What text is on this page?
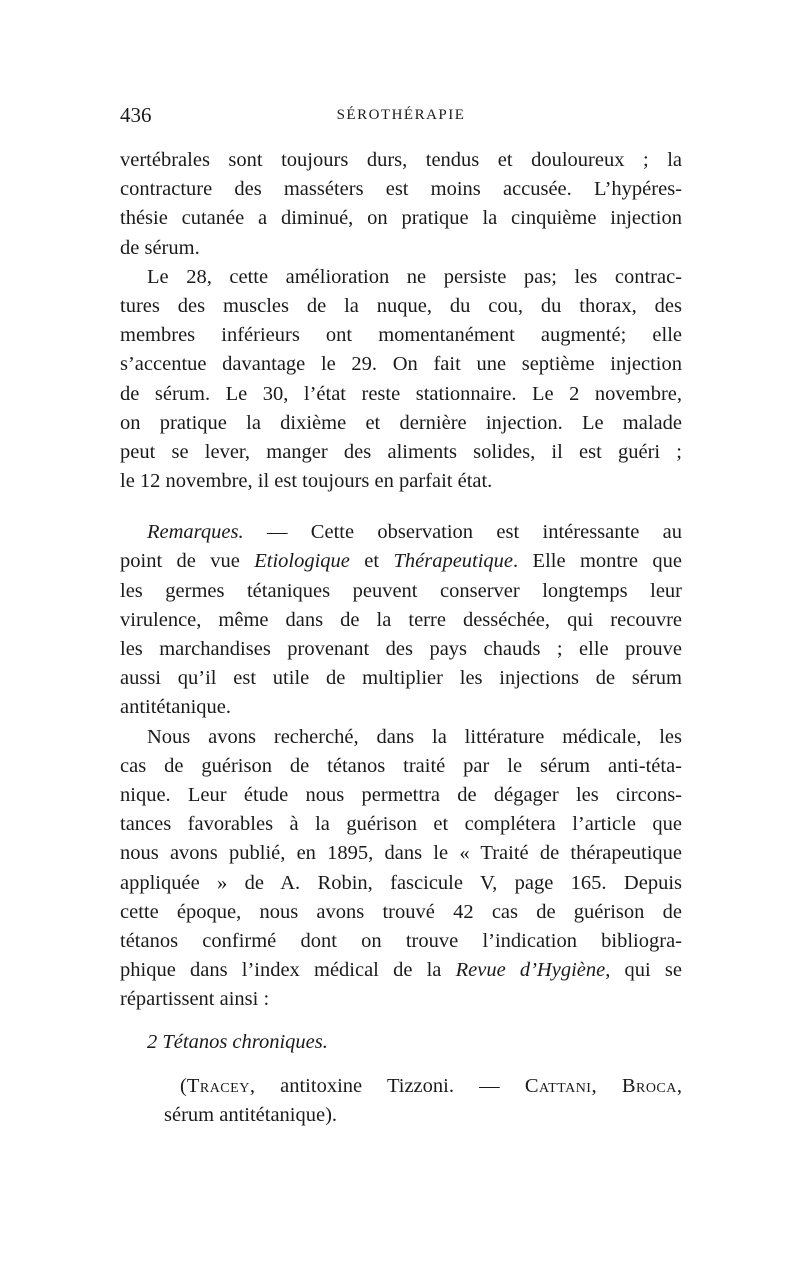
436	SÉROTHÉRAPIE
vertébrales sont toujours durs, tendus et douloureux ; la
contracture des masséters est moins accusée. L’hypéres-
thésie cutanée a diminué, on pratique la cinquième injection
de sérum.
Le 28, cette amélioration ne persiste pas; les contrac-
tures des muscles de la nuque, du cou, du thorax, des
membres inférieurs ont momentanément augmenté; elle
s’accentue davantage le 29. On fait une septième injection
de sérum. Le 30, l’état reste stationnaire. Le 2 novembre,
on pratique la dixième et dernière injection. Le malade
peut se lever, manger des aliments solides, il est guéri ;
le 12 novembre, il est toujours en parfait état.
Remarques. — Cette observation est intéressante au
point de vue Etiologique et Thérapeutique. Elle montre que
les germes tétaniques peuvent conserver longtemps leur
virulence, même dans de la terre desséchée, qui recouvre
les marchandises provenant des pays chauds ; elle prouve
aussi qu’il est utile de multiplier les injections de sérum
antitétanique.
Nous avons recherché, dans la littérature médicale, les
cas de guérison de tétanos traité par le sérum anti-téta-
nique. Leur étude nous permettra de dégager les circons-
tances favorables à la guérison et complétera l’article que
nous avons publié, en 1895, dans le « Traité de thérapeutique
appliquée » de A. Robin, fascicule V, page 165. Depuis
cette époque, nous avons trouvé 42 cas de guérison de
tétanos confirmé dont on trouve l’indication bibliogra-
phique dans l’index médical de la Revue d’Hygiène, qui se
répartissent ainsi :
2 Tétanos chroniques.
(Tracey, antitoxine Tizzoni. — Cattani, Broca,
sérum antitétanique).
